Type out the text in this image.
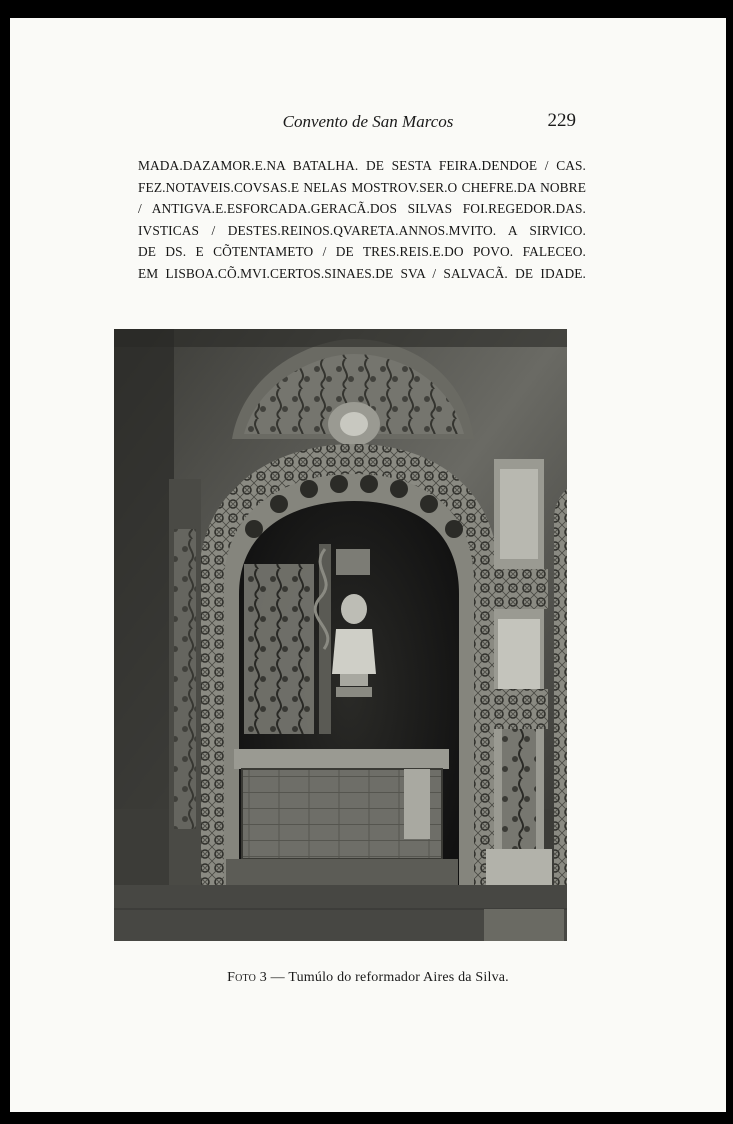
Convento de San Marcos	229
MADA.DAZAMOR.E.NA BATALHA. DE SESTA FEIRA.DENDOE / CAS.
FEZ.NOTAVEIS.COVSAS.E NELAS MOSTROV.SER.O CHEFRE.DA NOBRE
/ ANTIGVA.E.ESFORCADA.GERACÃ.DOS SILVAS FOI.REGEDOR.DAS.
IVSTICAS / DESTES.REINOS.QVARETA.ANNOS.MVITO. A SIRVICO.
DE DS. E CÕTENTAMETO / DE TRES.REIS.E.DO POVO. FALECEO.
EM LISBOA.CÕ.MVI.CERTOS.SINAES.DE SVA / SALVACÃ. DE IDADE.
Foto 3 — Tumúlo do reformador Aires da Silva.
